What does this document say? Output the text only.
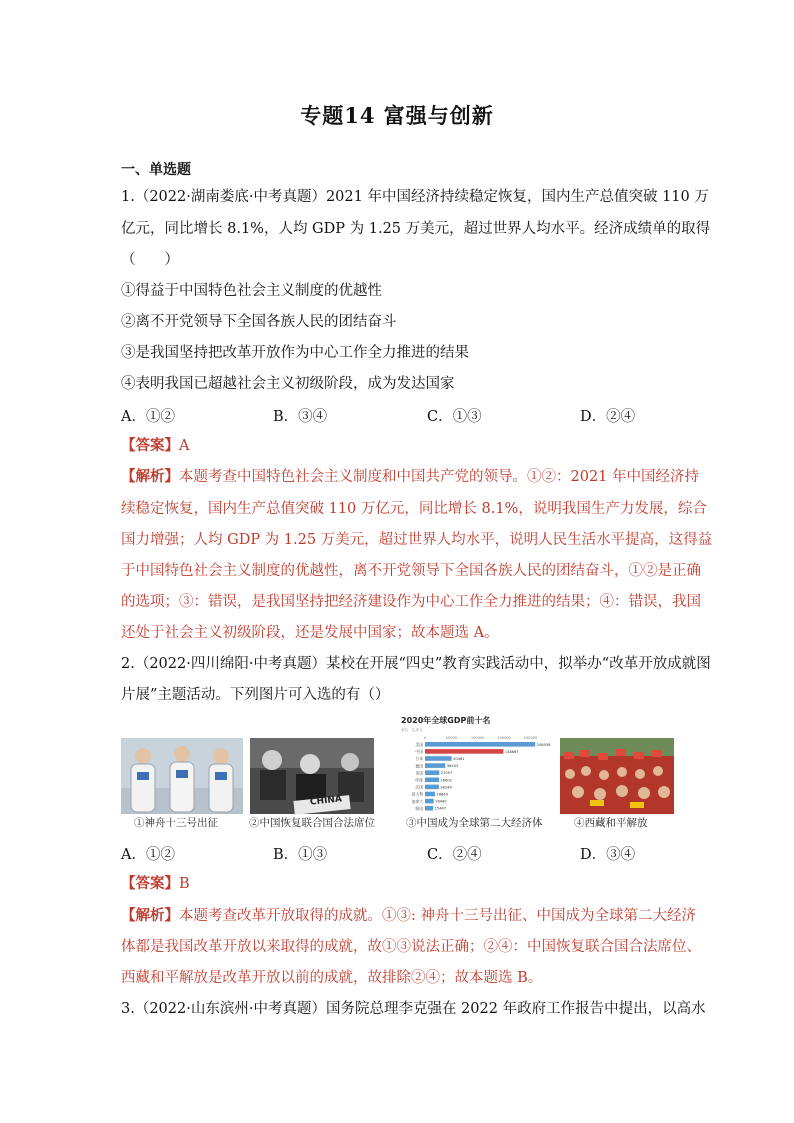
专题14 富强与创新
一、单选题
1.（2022·湖南娄底·中考真题）2021 年中国经济持续稳定恢复，国内生产总值突破 110 万
亿元，同比增长 8.1%，人均 GDP 为 1.25 万美元，超过世界人均水平。经济成绩单的取得
（　　）
①得益于中国特色社会主义制度的优越性
②离不开党领导下全国各族人民的团结奋斗
③是我国坚持把改革开放作为中心工作全力推进的结果
④表明我国已超越社会主义初级阶段，成为发达国家
A．①②	B．③④	C．①③	D．②④
【答案】A
【解析】本题考查中国特色社会主义制度和中国共产党的领导。①②：2021 年中国经济持
续稳定恢复，国内生产总值突破 110 万亿元，同比增长 8.1%，说明我国生产力发展，综合
国力增强；人均 GDP 为 1.25 万美元，超过世界人均水平，说明人民生活水平提高，这得益
于中国特色社会主义制度的优越性，离不开党领导下全国各族人民的团结奋斗，①②是正确
的选项；③：错误，是我国坚持把经济建设作为中心工作全力推进的结果；④：错误，我国
还处于社会主义初级阶段，还是发展中国家；故本题选 A。
2.（2022·四川绵阳·中考真题）某校在开展“四史”教育实践活动中，拟举办“改革开放成就图
片展”主题活动。下列图片可入选的有（）
CHINA
2020年全球GDP前十名
单位：亿美元
0	50000	100000	150000	200000
美国	208936
中国	148667
日本	50481
德国	38443
英国	27097
印度	26602
法国	26244
意大利	18849
加拿大	16440
韩国	15447
①神舟十三号出征	②中国恢复联合国合法席位	③中国成为全球第二大经济体	④西藏和平解放
A．①②	B．①③	C．②④	D．③④
【答案】B
【解析】本题考查改革开放取得的成就。①③: 神舟十三号出征、中国成为全球第二大经济
体都是我国改革开放以来取得的成就，故①③说法正确；②④：中国恢复联合国合法席位、
西藏和平解放是改革开放以前的成就，故排除②④；故本题选 B。
3.（2022·山东滨州·中考真题）国务院总理李克强在 2022 年政府工作报告中提出，以高水
